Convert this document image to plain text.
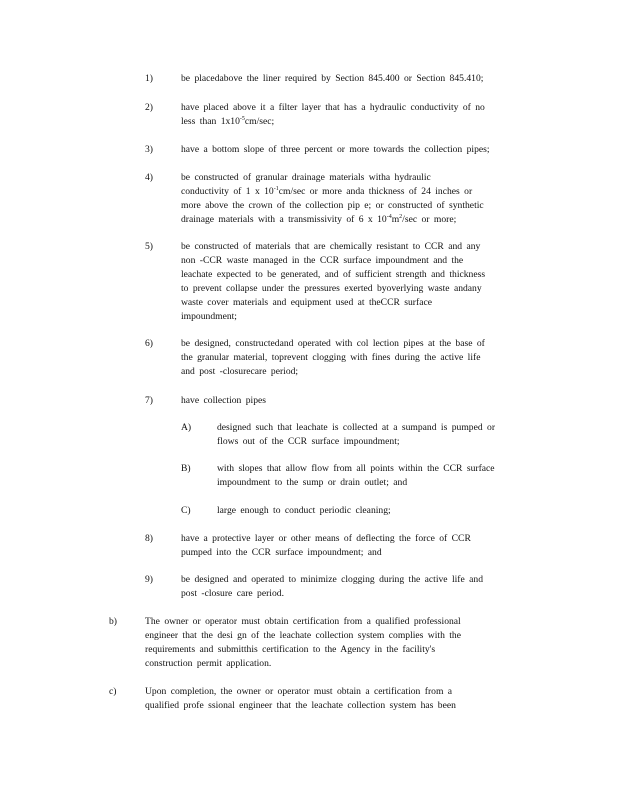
1)	be placedabove the liner required by Section 845.400 or Section 845.410;
2)	have placed above it a filter layer that has a hydraulic conductivity of no
less than $1x10^{-5}cm/\sec$;
3)	have a bottom slope of three percent or more towards the collection pipes;
4)	be constructed of granular drainage materials witha hydraulic
conductivity of 1 x $10^{-1}cm/\sec$ or more anda thickness of 24 inches or
more above the crown of the collection pip e; or constructed of synthetic
drainage materials with a transmissivity of 6 x $10^{-4}m^2/\sec$ or more;
5)	be constructed of materials that are chemically resistant to CCR and any
non -CCR waste managed in the CCR surface impoundment and the
leachate expected to be generated, and of sufficient strength and thickness
to prevent collapse under the pressures exerted byoverlying waste andany
waste cover materials and equipment used at theCCR surface
impoundment;
6)	be designed, constructedand operated with col lection pipes at the base of
the granular material, toprevent clogging with fines during the active life
and post -closurecare period;
7)	have collection pipes
A)	designed such that leachate is collected at a sumpand is pumped or
flows out of the CCR surface impoundment;
B)	with slopes that allow flow from all points within the CCR surface
impoundment to the sump or drain outlet; and
C)	large enough to conduct periodic cleaning;
8)	have a protective layer or other means of deflecting the force of CCR
pumped into the CCR surface impoundment; and
9)	be designed and operated to minimize clogging during the active life and
post -closure care period.
b)	The owner or operator must obtain certification from a qualified professional
engineer that the desi gn of the leachate collection system complies with the
requirements and submitthis certification to the Agency in the facility's
construction permit application.
c)	Upon completion, the owner or operator must obtain a certification from a
qualified profe ssional engineer that the leachate collection system has been
